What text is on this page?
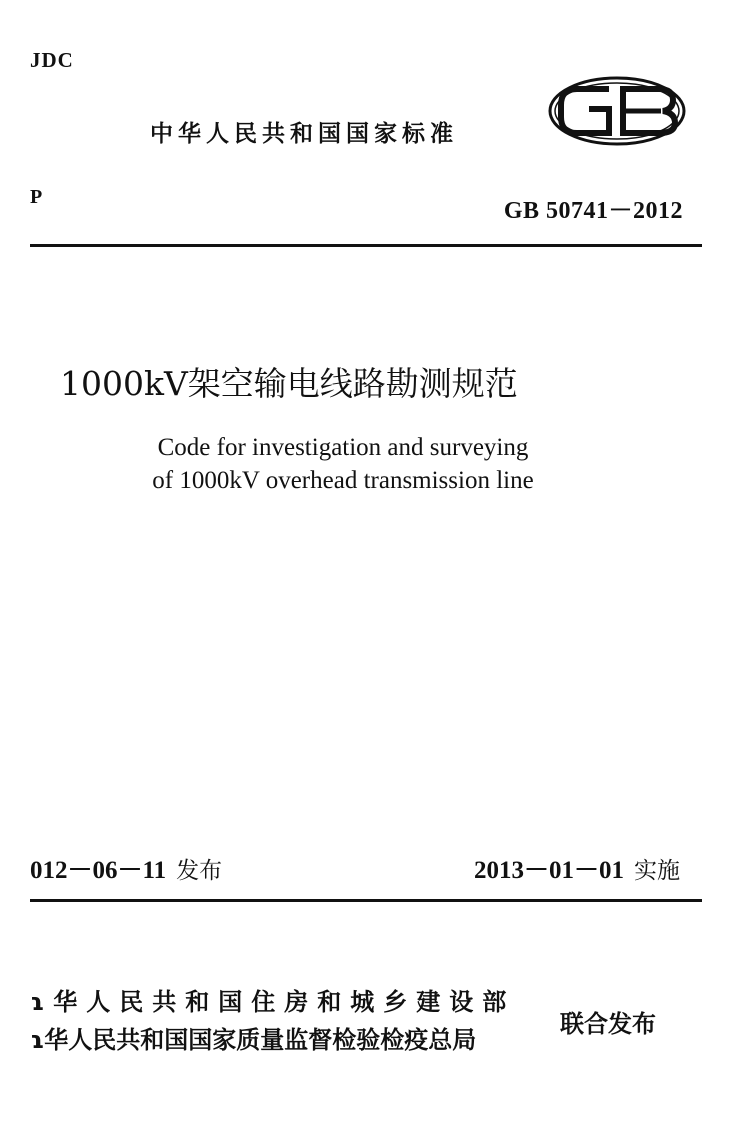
JDC
中华人民共和国国家标准
P
GB 50741－2012
1000kV架空输电线路勘测规范
Code for investigation and surveying
of 1000kV overhead transmission line
012－06－11 发布	2013－01－01 实施
ɿ华人民共和国住房和城乡建设部
ɿ华人民共和国国家质量监督检验检疫总局
联合发布
